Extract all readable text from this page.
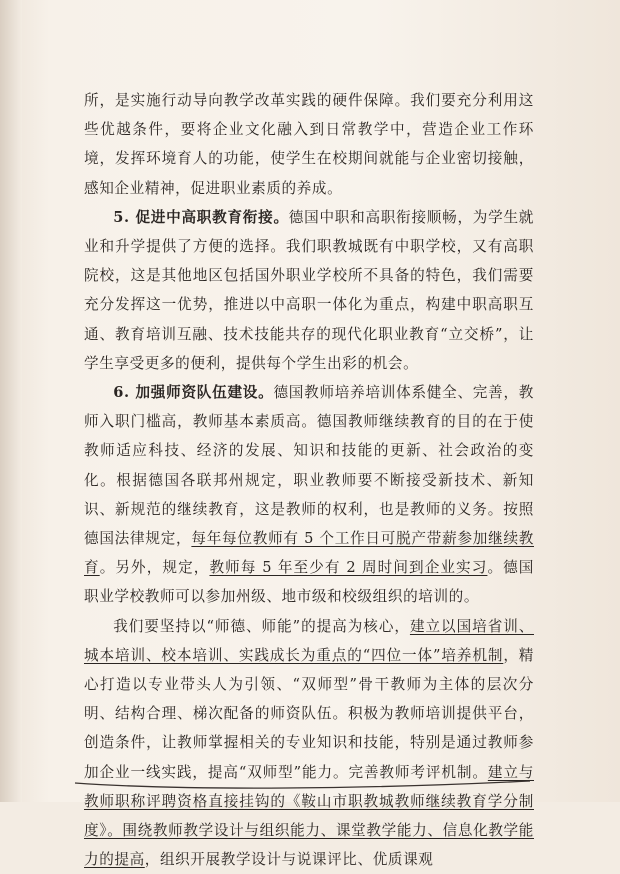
所，是实施行动导向教学改革实践的硬件保障。我们要充分利用这些优越条件，要将企业文化融入到日常教学中，营造企业工作环境，发挥环境育人的功能，使学生在校期间就能与企业密切接触，感知企业精神，促进职业素质的养成。

5. 促进中高职教育衔接。德国中职和高职衔接顺畅，为学生就业和升学提供了方便的选择。我们职教城既有中职学校，又有高职院校，这是其他地区包括国外职业学校所不具备的特色，我们需要充分发挥这一优势，推进以中高职一体化为重点，构建中职高职互通、教育培训互融、技术技能共存的现代化职业教育“立交桥”，让学生享受更多的便利，提供每个学生出彩的机会。

6. 加强师资队伍建设。德国教师培养培训体系健全、完善，教师入职门槛高，教师基本素质高。德国教师继续教育的目的在于使教师适应科技、经济的发展、知识和技能的更新、社会政治的变化。根据德国各联邦州规定，职业教师要不断接受新技术、新知识、新规范的继续教育，这是教师的权利，也是教师的义务。按照德国法律规定，每年每位教师有 5 个工作日可脱产带薪参加继续教育。另外，规定，教师每 5 年至少有 2 周时间到企业实习。德国职业学校教师可以参加州级、地市级和校级组织的培训的。

我们要坚持以“师德、师能”的提高为核心，建立以国培省训、城本培训、校本培训、实践成长为重点的“四位一体”培养机制，精心打造以专业带头人为引领、“双师型”骨干教师为主体的层次分明、结构合理、梯次配备的师资队伍。积极为教师培训提供平台，创造条件，让教师掌握相关的专业知识和技能，特别是通过教师参加企业一线实践，提高“双师型”能力。完善教师考评机制。建立与教师职称评聘资格直接挂钩的《鞍山市职教城教师继续教育学分制度》。围绕教师教学设计与组织能力、课堂教学能力、信息化教学能力的提高，组织开展教学设计与说课评比、优质课观
